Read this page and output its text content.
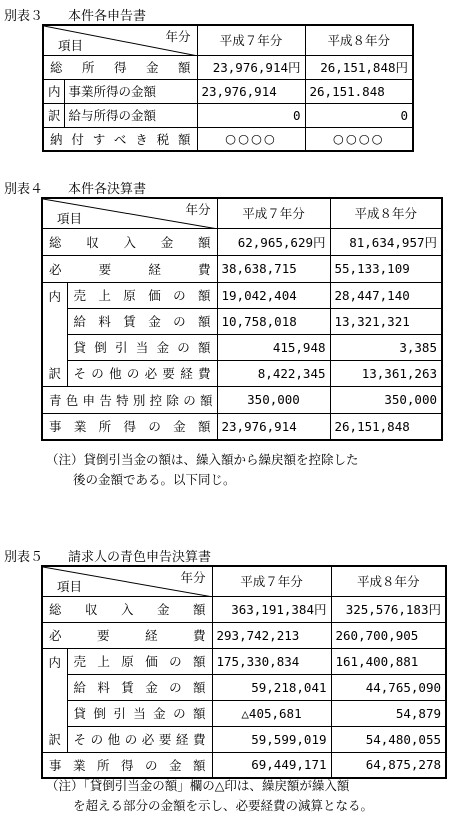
別表３ 本件各申告書
年分
項目		平成７年分	平成８年分
総所得金額		23,976,914円	26,151,848円
内	事業所得の金額	23,976,914	26,151.848
訳	給与所得の金額	0	0
納付すべき税額		○○○○	○○○○
別表４ 本件各決算書
年分
項目		平成７年分	平成８年分
総収入金額		62,965,629円	81,634,957円
必要経費		38,638,715	55,133,109

内
訳	売上原価の額	19,042,404	28,447,140
	給料賃金の額	10,758,018	13,321,321
	貸倒引当金の額	415,948	3,385
	その他の必要経費	8,422,345	13,361,263
青色申告特別控除の額		350,000	350,000
事業所得の金額		23,976,914	26,151,848
（注）貸倒引当金の額は、繰入額から繰戻額を控除した
後の金額である。以下同じ。
別表５ 請求人の青色申告決算書
年分
項目		平成７年分	平成８年分
総収入金額		363,191,384円	325,576,183円
必要経費		293,742,213	260,700,905

内
訳	売上原価の額	175,330,834	161,400,881
	給料賃金の額	59,218,041	44,765,090
	貸倒引当金の額	△405,681	54,879
	その他の必要経費	59,599,019	54,480,055
事業所得の金額		69,449,171	64,875,278
（注）「貸倒引当金の額」欄の△印は、繰戻額が繰入額
を超える部分の金額を示し、必要経費の減算となる。
